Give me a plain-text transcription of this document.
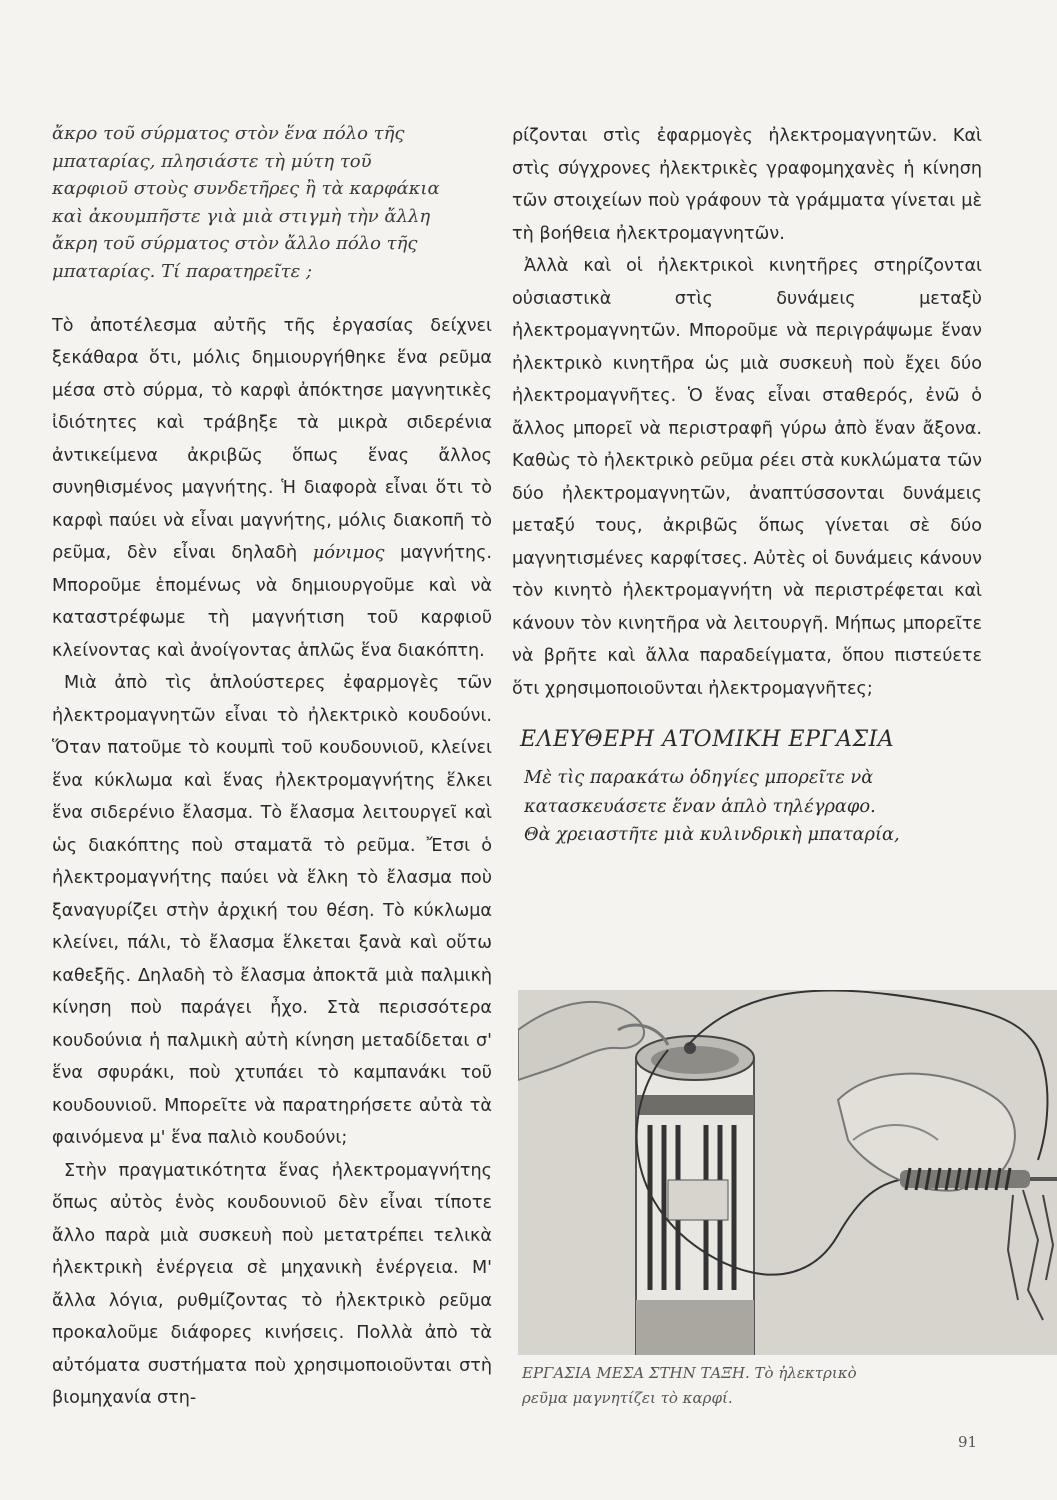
ἄκρο τοῦ σύρματος στὸν ἕνα πόλο τῆς

μπαταρίας, πλησιάστε τὴ μύτη τοῦ

καρφιοῦ στοὺς συνδετῆρες ἢ τὰ καρφάκια

καὶ ἀκουμπῆστε γιὰ μιὰ στιγμὴ τὴν ἄλλη

ἄκρη τοῦ σύρματος στὸν ἄλλο πόλο τῆς

μπαταρίας. Τί παρατηρεῖτε ;

Τὸ ἀποτέλεσμα αὐτῆς τῆς ἐργασίας δείχνει ξεκάθαρα ὅτι, μόλις δημιουργήθηκε ἕνα ρεῦμα μέσα στὸ σύρμα, τὸ καρφὶ ἀπόκτησε μαγνητικὲς ἰδιότητες καὶ τράβηξε τὰ μικρὰ σιδερένια ἀντικείμενα ἀκριβῶς ὅπως ἕνας ἄλλος συνηθισμένος μαγνήτης. Ἡ διαφορὰ εἶναι ὅτι τὸ καρφὶ παύει νὰ εἶναι μαγνήτης, μόλις διακοπῆ τὸ ρεῦμα, δὲν εἶναι δηλαδὴ μόνιμος μαγνήτης. Μποροῦμε ἑπομένως νὰ δημιουργοῦμε καὶ νὰ καταστρέφωμε τὴ μαγνήτιση τοῦ καρφιοῦ κλείνοντας καὶ ἀνοίγοντας ἁπλῶς ἕνα διακόπτη.

Μιὰ ἀπὸ τὶς ἁπλούστερες ἐφαρμογὲς τῶν ἠλεκτρομαγνητῶν εἶναι τὸ ἠλεκτρικὸ κουδούνι. Ὅταν πατοῦμε τὸ κουμπὶ τοῦ κουδουνιοῦ, κλείνει ἕνα κύκλωμα καὶ ἕνας ἠλεκτρομαγνήτης ἕλκει ἕνα σιδερένιο ἔλασμα. Τὸ ἔλασμα λειτουργεῖ καὶ ὡς διακόπτης ποὺ σταματᾶ τὸ ρεῦμα. Ἔτσι ὁ ἠλεκτρομαγνήτης παύει νὰ ἕλκη τὸ ἔλασμα ποὺ ξαναγυρίζει στὴν ἀρχική του θέση. Τὸ κύκλωμα κλείνει, πάλι, τὸ ἔλασμα ἕλκεται ξανὰ καὶ οὕτω καθεξῆς. Δηλαδὴ τὸ ἔλασμα ἀποκτᾶ μιὰ παλμικὴ κίνηση ποὺ παράγει ἦχο. Στὰ περισσότερα κουδούνια ἡ παλμικὴ αὐτὴ κίνηση μεταδίδεται σ' ἕνα σφυράκι, ποὺ χτυπάει τὸ καμπανάκι τοῦ κουδουνιοῦ. Μπορεῖτε νὰ παρατηρήσετε αὐτὰ τὰ φαινόμενα μ' ἕνα παλιὸ κουδούνι;

Στὴν πραγματικότητα ἕνας ἠλεκτρομαγνήτης ὅπως αὐτὸς ἑνὸς κουδουνιοῦ δὲν εἶναι τίποτε ἄλλο παρὰ μιὰ συσκευὴ ποὺ μετατρέπει τελικὰ ἠλεκτρικὴ ἐνέργεια σὲ μηχανικὴ ἐνέργεια. Μ' ἄλλα λόγια, ρυθμίζοντας τὸ ἠλεκτρικὸ ρεῦμα προκαλοῦμε διάφορες κινήσεις. Πολλὰ ἀπὸ τὰ αὐτόματα συστήματα ποὺ χρησιμοποιοῦνται στὴ βιομηχανία στη-

ρίζονται στὶς ἐφαρμογὲς ἠλεκτρομαγνητῶν. Καὶ στὶς σύγχρονες ἠλεκτρικὲς γραφομηχανὲς ἡ κίνηση τῶν στοιχείων ποὺ γράφουν τὰ γράμματα γίνεται μὲ τὴ βοήθεια ἠλεκτρομαγνητῶν.

Ἀλλὰ καὶ οἱ ἠλεκτρικοὶ κινητῆρες στηρίζονται οὐσιαστικὰ στὶς δυνάμεις μεταξὺ ἠλεκτρομαγνητῶν. Μποροῦμε νὰ περιγράψωμε ἕναν ἠλεκτρικὸ κινητῆρα ὡς μιὰ συσκευὴ ποὺ ἔχει δύο ἠλεκτρομαγνῆτες. Ὁ ἕνας εἶναι σταθερός, ἐνῶ ὁ ἄλλος μπορεῖ νὰ περιστραφῆ γύρω ἀπὸ ἕναν ἄξονα. Καθὼς τὸ ἠλεκτρικὸ ρεῦμα ρέει στὰ κυκλώματα τῶν δύο ἠλεκτρομαγνητῶν, ἀναπτύσσονται δυνάμεις μεταξύ τους, ἀκριβῶς ὅπως γίνεται σὲ δύο μαγνητισμένες καρφίτσες. Αὐτὲς οἱ δυνάμεις κάνουν τὸν κινητὸ ἠλεκτρομαγνήτη νὰ περιστρέφεται καὶ κάνουν τὸν κινητῆρα νὰ λειτουργῆ. Μήπως μπορεῖτε νὰ βρῆτε καὶ ἄλλα παραδείγματα, ὅπου πιστεύετε ὅτι χρησιμοποιοῦνται ἠλεκτρομαγνῆτες;

ΕΛΕΥΘΕΡΗ ΑΤΟΜΙΚΗ ΕΡΓΑΣΙΑ

Μὲ τὶς παρακάτω ὁδηγίες μπορεῖτε νὰ

κατασκευάσετε ἕναν ἁπλὸ τηλέγραφο.

Θὰ χρειαστῆτε μιὰ κυλινδρικὴ μπαταρία,

ΕΡΓΑΣΙΑ ΜΕΣΑ ΣΤΗΝ ΤΑΞΗ. Τὸ ἠλεκτρικὸ
ρεῦμα μαγνητίζει τὸ καρφί.
91
